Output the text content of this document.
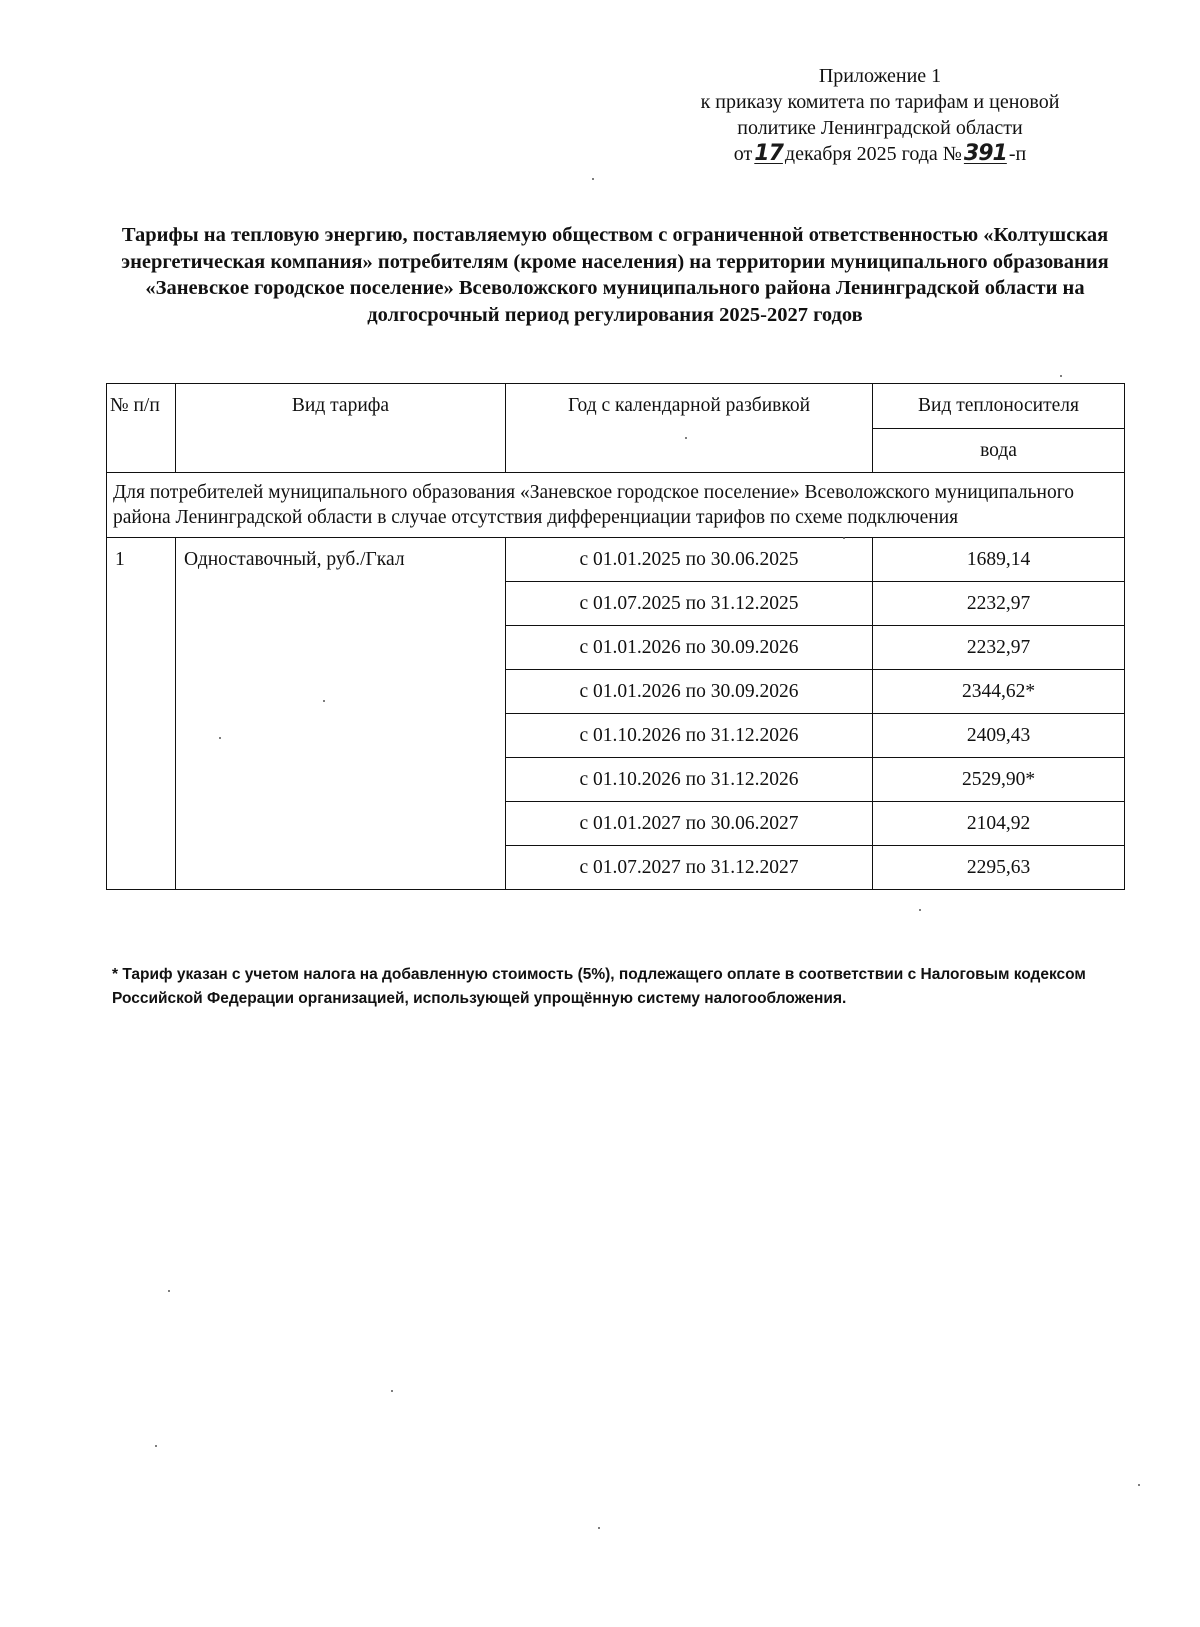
Приложение 1
к приказу комитета по тарифам и ценовой
политике Ленинградской области
от17 декабря 2025 года №391 -п
Тарифы на тепловую энергию, поставляемую обществом с ограниченной ответственностью «Колтушская энергетическая компания» потребителям (кроме населения) на территории муниципального образования «Заневское городское поселение» Всеволожского муниципального района Ленинградской области на долгосрочный период регулирования 2025-2027 годов
№ п/п	Вид тарифа	Год с календарной разбивкой	Вид теплоносителя
			вода
Для потребителей муниципального образования «Заневское городское поселение» Всеволожского муниципального района Ленинградской области в случае отсутствия дифференциации тарифов по схеме подключения			
1	Одноставочный, руб./Гкал	с 01.01.2025 по 30.06.2025	1689,14
		с 01.07.2025 по 31.12.2025	2232,97
		с 01.01.2026 по 30.09.2026	2232,97
		с 01.01.2026 по 30.09.2026	2344,62*
		с 01.10.2026 по 31.12.2026	2409,43
		с 01.10.2026 по 31.12.2026	2529,90*
		с 01.01.2027 по 30.06.2027	2104,92
		с 01.07.2027 по 31.12.2027	2295,63
* Тариф указан с учетом налога на добавленную стоимость (5%), подлежащего оплате в соответствии с Налоговым кодексом Российской Федерации организацией, использующей упрощённую систему налогообложения.
